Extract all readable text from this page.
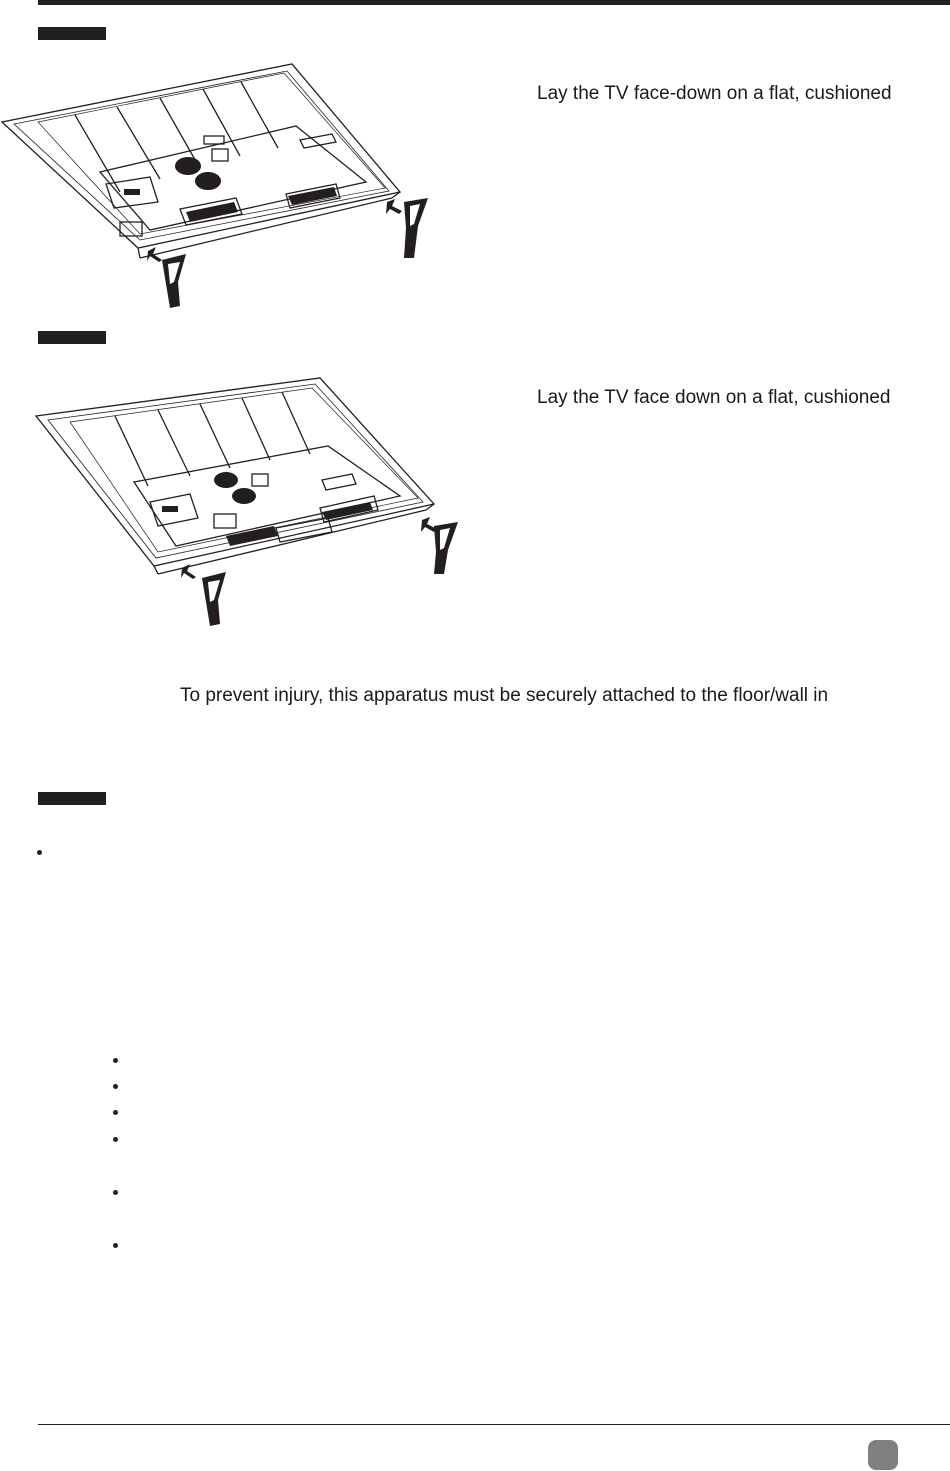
Lay the TV face-down on a flat, cushioned
Lay the TV face down on a flat, cushioned
To prevent injury, this apparatus must be securely attached to the floor/wall in
